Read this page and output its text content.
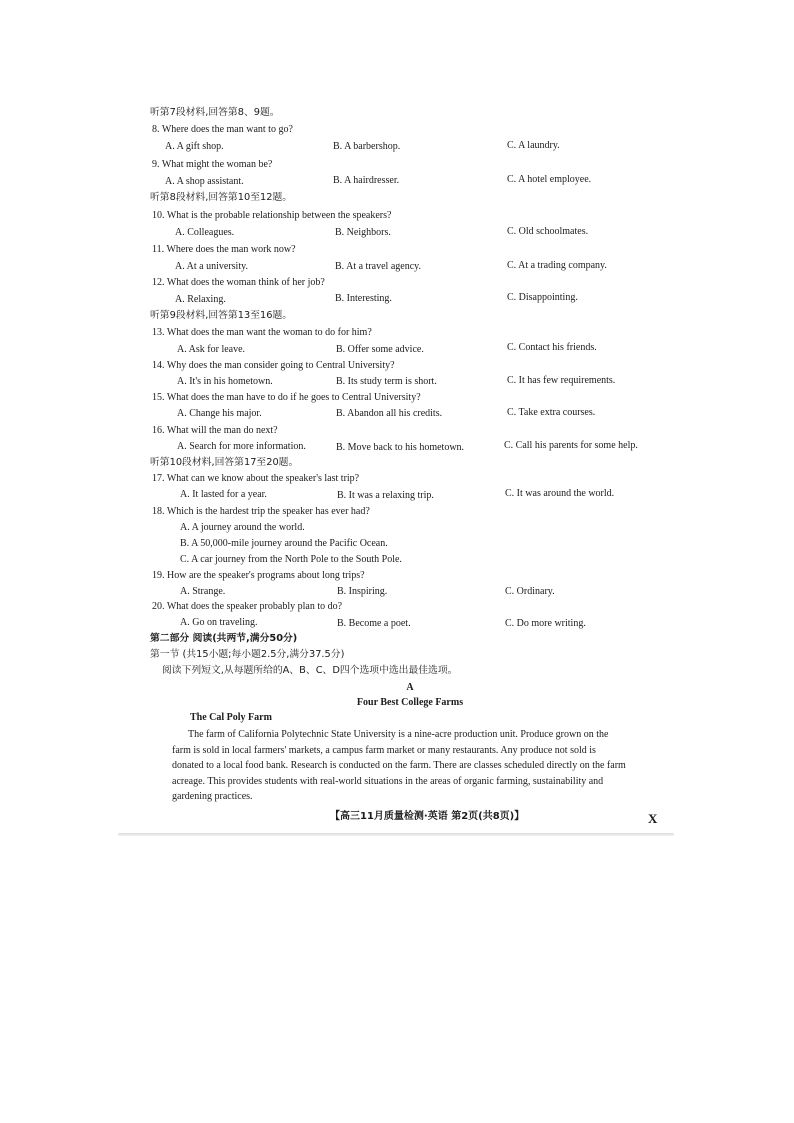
听第7段材料,回答第8、9题。
8. Where does the man want to go?
A. A gift shop.	B. A barbershop.	C. A laundry.
9. What might the woman be?
A. A shop assistant.	B. A hairdresser.	C. A hotel employee.
听第8段材料,回答第10至12题。
10. What is the probable relationship between the speakers?
A. Colleagues.	B. Neighbors.	C. Old schoolmates.
11. Where does the man work now?
A. At a university.	B. At a travel agency.	C. At a trading company.
12. What does the woman think of her job?
A. Relaxing.	B. Interesting.	C. Disappointing.
听第9段材料,回答第13至16题。
13. What does the man want the woman to do for him?
A. Ask for leave.	B. Offer some advice.	C. Contact his friends.
14. Why does the man consider going to Central University?
A. It's in his hometown.	B. Its study term is short.	C. It has few requirements.
15. What does the man have to do if he goes to Central University?
A. Change his major.	B. Abandon all his credits.	C. Take extra courses.
16. What will the man do next?
A. Search for more information.	B. Move back to his hometown.	C. Call his parents for some help.
听第10段材料,回答第17至20题。
17. What can we know about the speaker's last trip?
A. It lasted for a year.	B. It was a relaxing trip.	C. It was around the world.
18. Which is the hardest trip the speaker has ever had?
A. A journey around the world.
B. A 50,000-mile journey around the Pacific Ocean.
C. A car journey from the North Pole to the South Pole.
19. How are the speaker's programs about long trips?
A. Strange.	B. Inspiring.	C. Ordinary.
20. What does the speaker probably plan to do?
A. Go on traveling.	B. Become a poet.	C. Do more writing.
第二部分 阅读(共两节,满分50分)
第一节 (共15小题;每小题2.5分,满分37.5分)
阅读下列短文,从每题所给的A、B、C、D四个选项中选出最佳选项。
A
Four Best College Farms
The Cal Poly Farm
The farm of California Polytechnic State University is a nine-acre production unit. Produce grown on the
farm is sold in local farmers' markets, a campus farm market or many restaurants. Any produce not sold is
donated to a local food bank. Research is conducted on the farm. There are classes scheduled directly on the farm
acreage. This provides students with real-world situations in the areas of organic farming, sustainability and
gardening practices.
【高三11月质量检测·英语 第2页(共8页)】	X
